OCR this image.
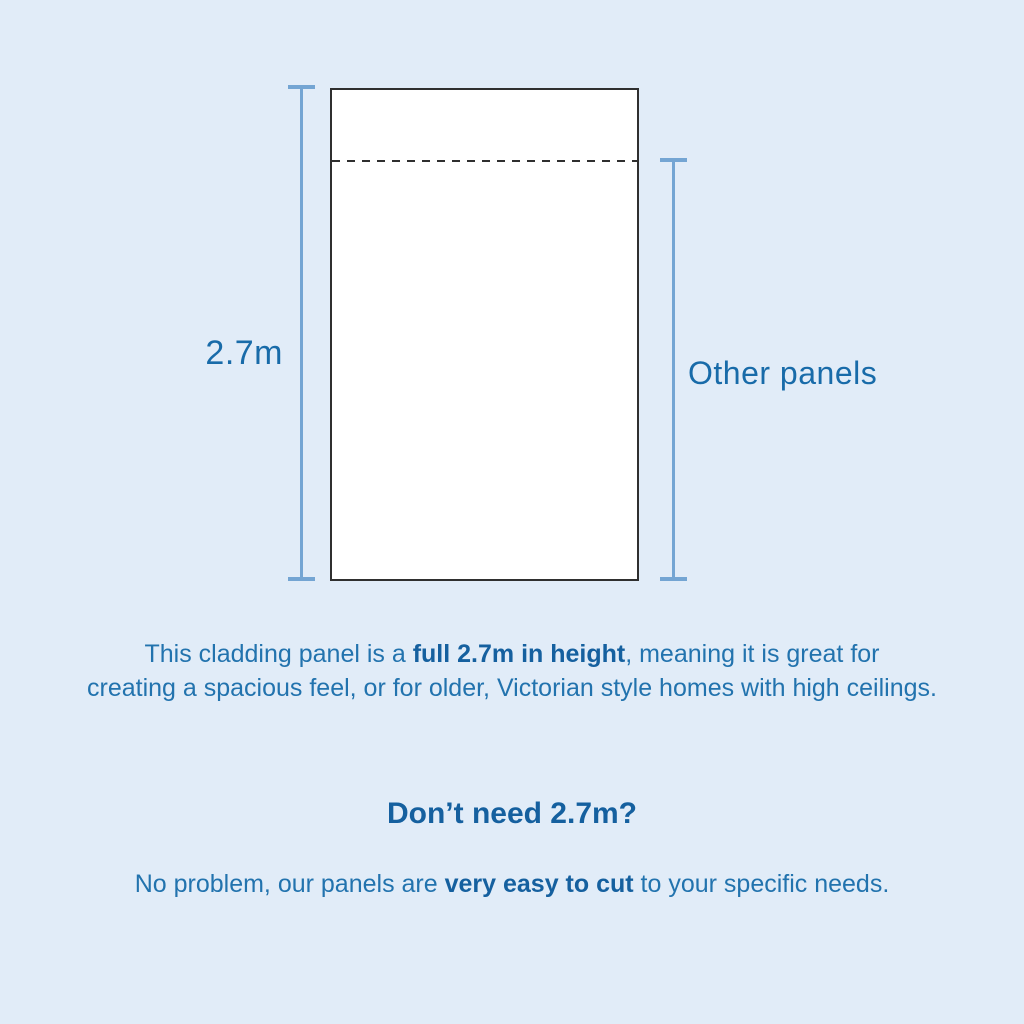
2.7m
Other panels
This cladding panel is a full 2.7m in height, meaning it is great for
creating a spacious feel, or for older, Victorian style homes with high ceilings.
Don’t need 2.7m?
No problem, our panels are very easy to cut to your specific needs.
